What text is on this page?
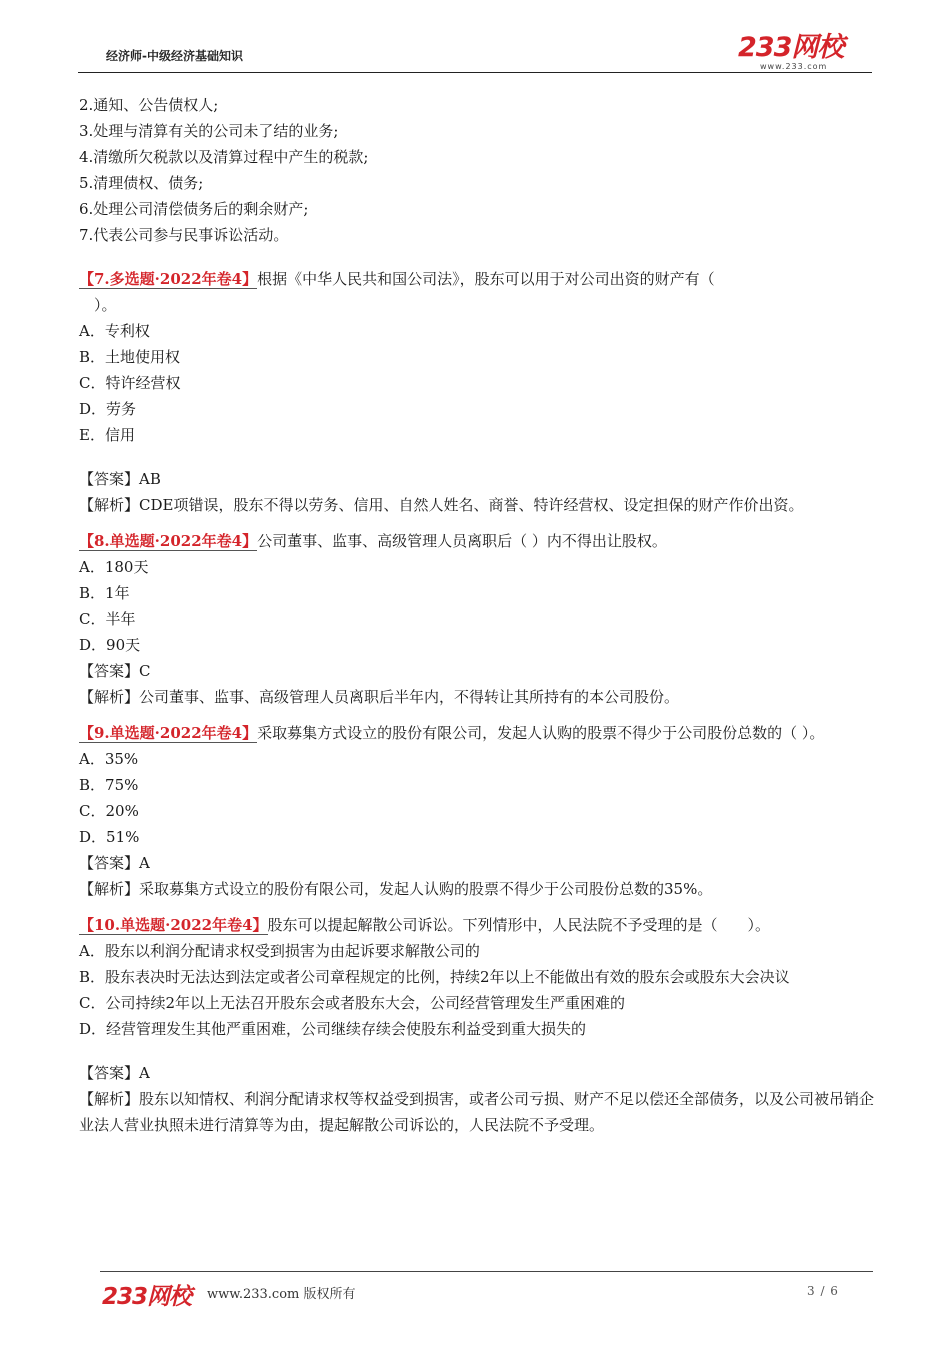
经济师-中级经济基础知识	233网校
www.233.com
2.通知、公告债权人;
3.处理与清算有关的公司未了结的业务;
4.清缴所欠税款以及清算过程中产生的税款;
5.清理债权、债务;
6.处理公司清偿债务后的剩余财产;
7.代表公司参与民事诉讼活动。
【7.多选题·2022年卷4】根据《中华人民共和国公司法》，股东可以用于对公司出资的财产有（
　）。
A．专利权
B．土地使用权
C．特许经营权
D．劳务
E．信用
【答案】AB
【解析】CDE项错误，股东不得以劳务、信用、自然人姓名、商誉、特许经营权、设定担保的财产作价出资。
【8.单选题·2022年卷4】公司董事、监事、高级管理人员离职后（ ）内不得出让股权。
A．180天
B．1年
C．半年
D．90天
【答案】C
【解析】公司董事、监事、高级管理人员离职后半年内，不得转让其所持有的本公司股份。
【9.单选题·2022年卷4】采取募集方式设立的股份有限公司，发起人认购的股票不得少于公司股份总数的（ ）。
A．35%
B．75%
C．20%
D．51%
【答案】A
【解析】采取募集方式设立的股份有限公司，发起人认购的股票不得少于公司股份总数的35%。
【10.单选题·2022年卷4】股东可以提起解散公司诉讼。下列情形中，人民法院不予受理的是（　　）。
A．股东以利润分配请求权受到损害为由起诉要求解散公司的
B．股东表决时无法达到法定或者公司章程规定的比例，持续2年以上不能做出有效的股东会或股东大会决议
C．公司持续2年以上无法召开股东会或者股东大会，公司经营管理发生严重困难的
D．经营管理发生其他严重困难，公司继续存续会使股东利益受到重大损失的
【答案】A
【解析】股东以知情权、利润分配请求权等权益受到损害，或者公司亏损、财产不足以偿还全部债务，以及公司被吊销企业法人营业执照未进行清算等为由，提起解散公司诉讼的，人民法院不予受理。
233网校 www.233.com 版权所有	3 / 6
